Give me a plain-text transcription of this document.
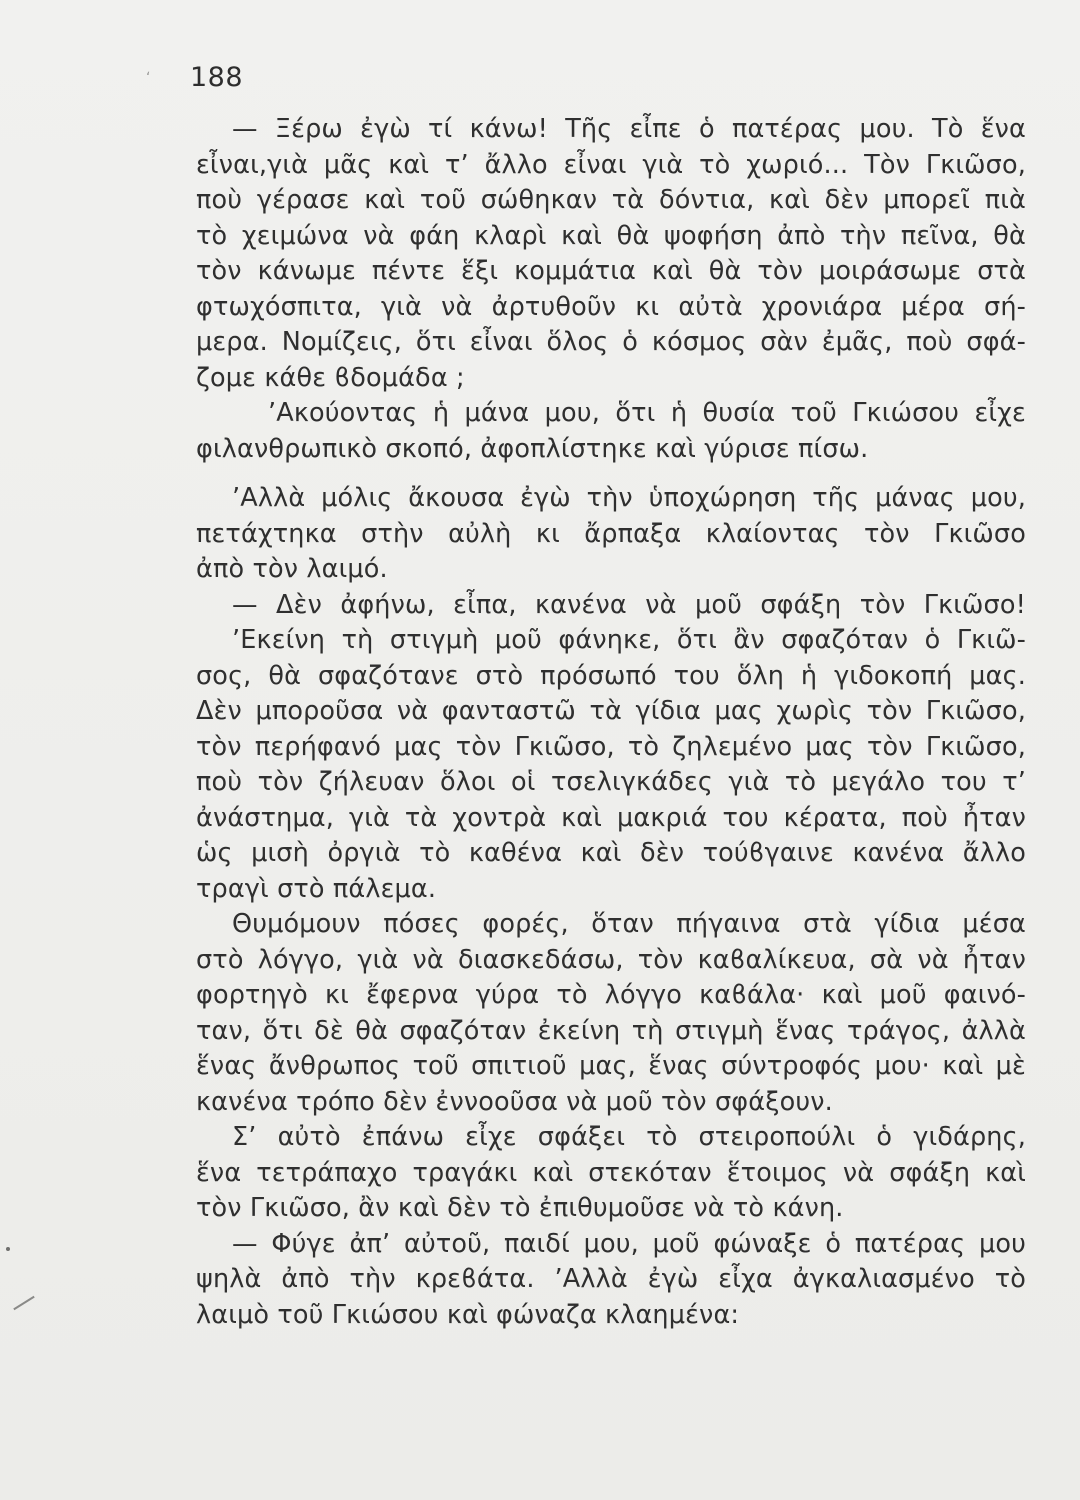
188
ʻ
— Ξέρω ἐγὼ τί κάνω! Τῆς εἶπε ὁ πατέρας μου. Τὸ ἕνα
εἶναι,γιὰ μᾶς καὶ τ’ ἄλλο εἶναι γιὰ τὸ χωριό... Τὸν Γκιῶσο,
ποὺ γέρασε καὶ τοῦ σώθηκαν τὰ δόντια, καὶ δὲν μπορεῖ πιὰ
τὸ χειμώνα νὰ φάη κλαρὶ καὶ θὰ ψοφήση ἀπὸ τὴν πεῖνα, θὰ
τὸν κάνωμε πέντε ἕξι κομμάτια καὶ θὰ τὸν μοιράσωμε στὰ
φτωχόσπιτα, γιὰ νὰ ἀρτυθοῦν κι αὐτὰ χρονιάρα μέρα σή-
μερα. Νομίζεις, ὅτι εἶναι ὅλος ὁ κόσμος σὰν ἐμᾶς, ποὺ σφά-
ζομε κάθε ϐδομάδα ;
’Ακούοντας ἡ μάνα μου, ὅτι ἡ θυσία τοῦ Γκιώσου εἶχε
φιλανθρωπικὸ σκοπό, ἀφοπλίστηκε καὶ γύρισε πίσω.
’Αλλὰ μόλις ἄκουσα ἐγὼ τὴν ὑποχώρηση τῆς μάνας μου,
πετάχτηκα στὴν αὐλὴ κι ἄρπαξα κλαίοντας τὸν Γκιῶσο
ἀπὸ τὸν λαιμό.
— Δὲν ἀφήνω, εἶπα, κανένα νὰ μοῦ σφάξη τὸν Γκιῶσο!
’Εκείνη τὴ στιγμὴ μοῦ φάνηκε, ὅτι ἂν σφαζόταν ὁ Γκιῶ-
σος, θὰ σφαζότανε στὸ πρόσωπό του ὅλη ἡ γιδοκοπή μας.
Δὲν μποροῦσα νὰ φανταστῶ τὰ γίδια μας χωρὶς τὸν Γκιῶσο,
τὸν περήφανό μας τὸν Γκιῶσο, τὸ ζηλεμένο μας τὸν Γκιῶσο,
ποὺ τὸν ζήλευαν ὅλοι οἱ τσελιγκάδες γιὰ τὸ μεγάλο του τ’
ἀνάστημα, γιὰ τὰ χοντρὰ καὶ μακριά του κέρατα, ποὺ ἦταν
ὡς μισὴ ὀργιὰ τὸ καθένα καὶ δὲν τούϐγαινε κανένα ἄλλο
τραγὶ στὸ πάλεμα.
Θυμόμουν πόσες φορές, ὅταν πήγαινα στὰ γίδια μέσα
στὸ λόγγο, γιὰ νὰ διασκεδάσω, τὸν καϐαλίκευα, σὰ νὰ ἦταν
φορτηγὸ κι ἔφερνα γύρα τὸ λόγγο καϐάλα· καὶ μοῦ φαινό-
ταν, ὅτι δὲ θὰ σφαζόταν ἐκείνη τὴ στιγμὴ ἕνας τράγος, ἀλλὰ
ἕνας ἄνθρωπος τοῦ σπιτιοῦ μας, ἕνας σύντροφός μου· καὶ μὲ
κανένα τρόπο δὲν ἐννοοῦσα νὰ μοῦ τὸν σφάξουν.
Σ’ αὐτὸ ἐπάνω εἶχε σφάξει τὸ στειροπούλι ὁ γιδάρης,
ἕνα τετράπαχο τραγάκι καὶ στεκόταν ἕτοιμος νὰ σφάξη καὶ
τὸν Γκιῶσο, ἂν καὶ δὲν τὸ ἐπιθυμοῦσε νὰ τὸ κάνη.
— Φύγε ἀπ’ αὐτοῦ, παιδί μου, μοῦ φώναξε ὁ πατέρας μου
ψηλὰ ἀπὸ τὴν κρεϐάτα. ’Αλλὰ ἐγὼ εἶχα ἀγκαλιασμένο τὸ
λαιμὸ τοῦ Γκιώσου καὶ φώναζα κλαημένα:
